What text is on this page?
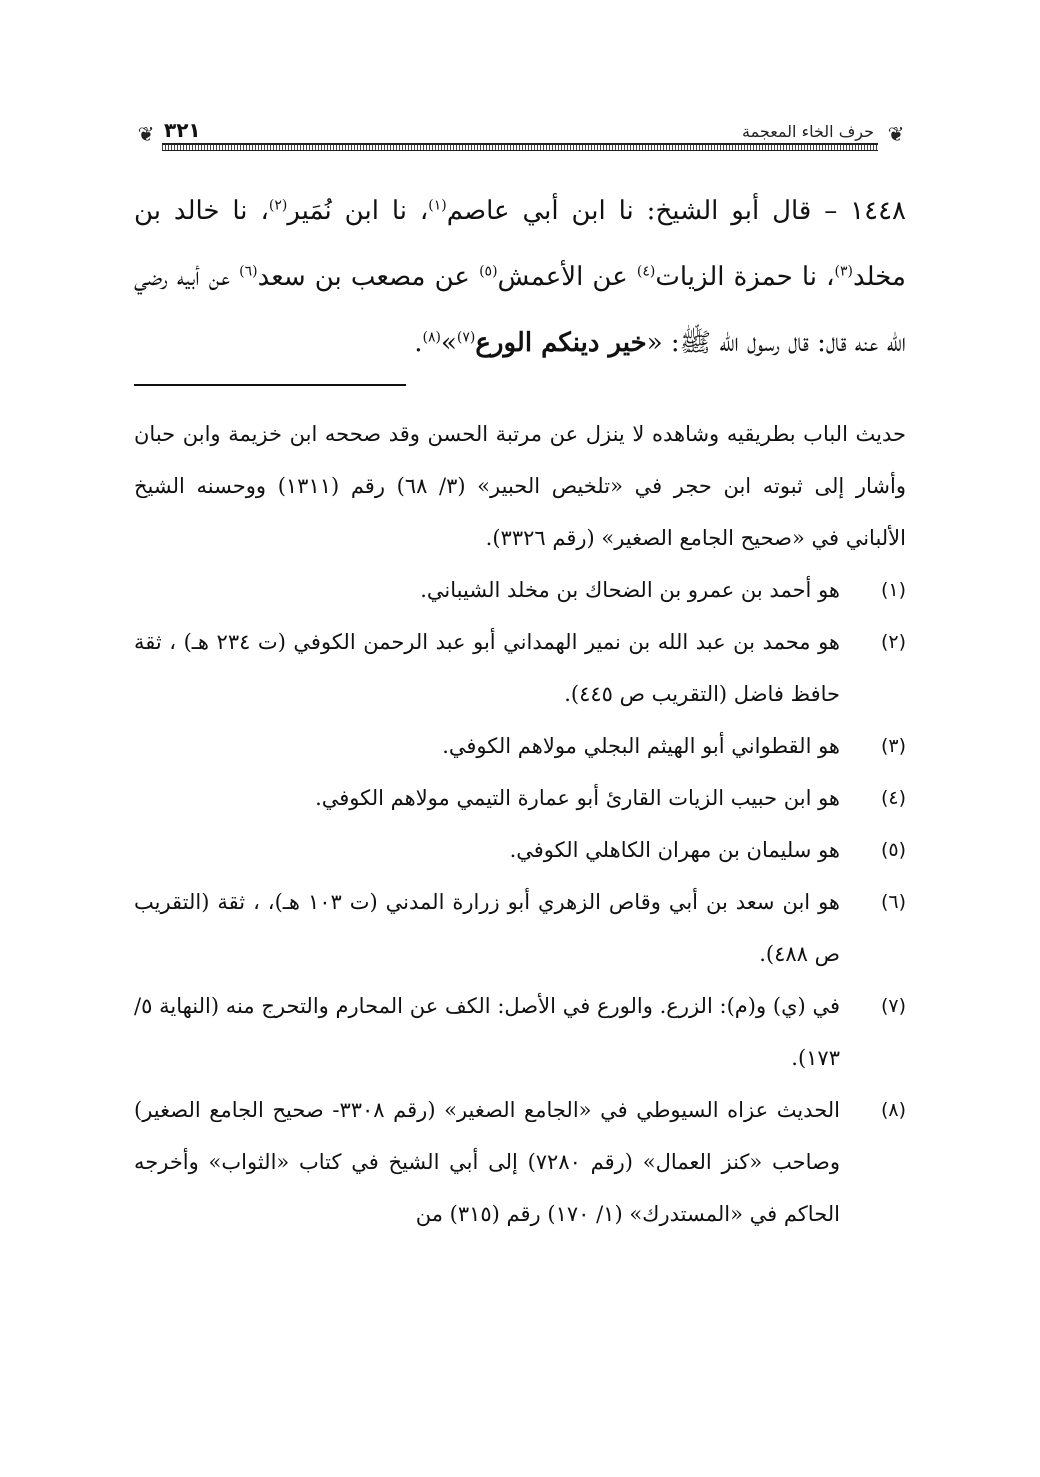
❦
حرف الخاء المعجمة
٣٢١
❦
١٤٤٨ – قال أبو الشيخ: نا ابن أبي عاصم$^{(١)}$، نا ابن نُمَير$^{(٢)}$، نا خالد بن مخلد$^{(٣)}$، نا حمزة الزيات$^{(٤)}$ عن الأعمش$^{(٥)}$ عن مصعب بن سعد$^{(٦)}$ عن أبيه رضي الله عنه قال: قال رسول الله ﷺ: «خير دينكم الورع$^{(٧)}$»$^{(٨)}$.
حديث الباب بطريقيه وشاهده لا ينزل عن مرتبة الحسن وقد صححه ابن خزيمة وابن حبان وأشار إلى ثبوته ابن حجر في «تلخيص الحبير» (٣/ ٦٨) رقم (١٣١١) ووحسنه الشيخ الألباني في «صحيح الجامع الصغير» (رقم ٣٣٢٦).
(١)
هو أحمد بن عمرو بن الضحاك بن مخلد الشيباني.
(٢)
هو محمد بن عبد الله بن نمير الهمداني أبو عبد الرحمن الكوفي (ت ٢٣٤ هـ) ، ثقة حافظ فاضل (التقريب ص ٤٤٥).
(٣)
هو القطواني أبو الهيثم البجلي مولاهم الكوفي.
(٤)
هو ابن حبيب الزيات القارئ أبو عمارة التيمي مولاهم الكوفي.
(٥)
هو سليمان بن مهران الكاهلي الكوفي.
(٦)
هو ابن سعد بن أبي وقاص الزهري أبو زرارة المدني (ت ١٠٣ هـ)، ، ثقة (التقريب ص ٤٨٨).
(٧)
في (ي) و(م): الزرع. والورع في الأصل: الكف عن المحارم والتحرج منه (النهاية ٥/ ١٧٣).
(٨)
الحديث عزاه السيوطي في «الجامع الصغير» (رقم ٣٣٠٨- صحيح الجامع الصغير) وصاحب «كنز العمال» (رقم ٧٢٨٠) إلى أبي الشيخ في كتاب «الثواب» وأخرجه الحاكم في «المستدرك» (١/ ١٧٠) رقم (٣١٥) من
